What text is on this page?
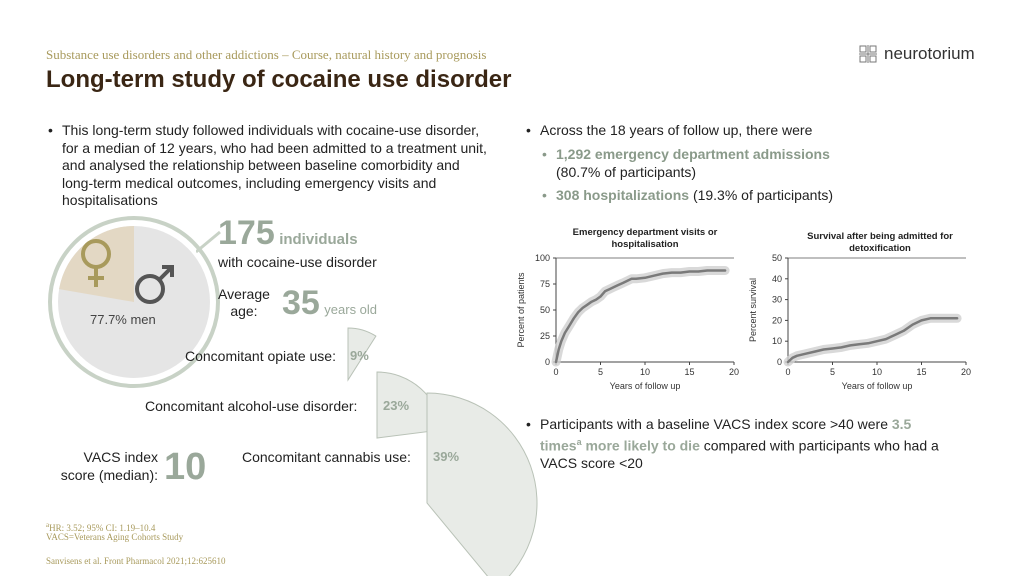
Substance use disorders and other addictions – Course, natural history and prognosis
Long-term study of cocaine use disorder
neurotorium
• This long-term study followed individuals with cocaine-use disorder, for a median of 12 years, who had been admitted to a treatment unit, and analysed the relationship between baseline comorbidity and long-term medical outcomes, including emergency visits and hospitalisations
77.7% men
175 individuals
with cocaine-use disorder
Average
age: 35 years old
Concomitant opiate use: 9%
Concomitant alcohol-use disorder: 23%
Concomitant cannabis use: 39%
VACS index
score (median): 10
$^a$HR: 3.52; 95% CI: 1.19–10.4
VACS=Veterans Aging Cohorts Study
Sanvisens et al. Front Pharmacol 2021;12:625610
• Across the 18 years of follow up, there were
• 1,292 emergency department admissions
(80.7% of participants)
• 308 hospitalizations (19.3% of participants)
Emergency department visits or hospitalisation
0
25
50
75
100
0	5	10	15	20
Years of follow up
Percent of patients
Survival after being admitted for detoxification
0
10
20
30
40
50
0	5	10	15	20
Years of follow up
Percent survival
• Participants with a baseline VACS index score >40 were 3.5 times$^a$ more likely to die compared with participants who had a VACS score <20
